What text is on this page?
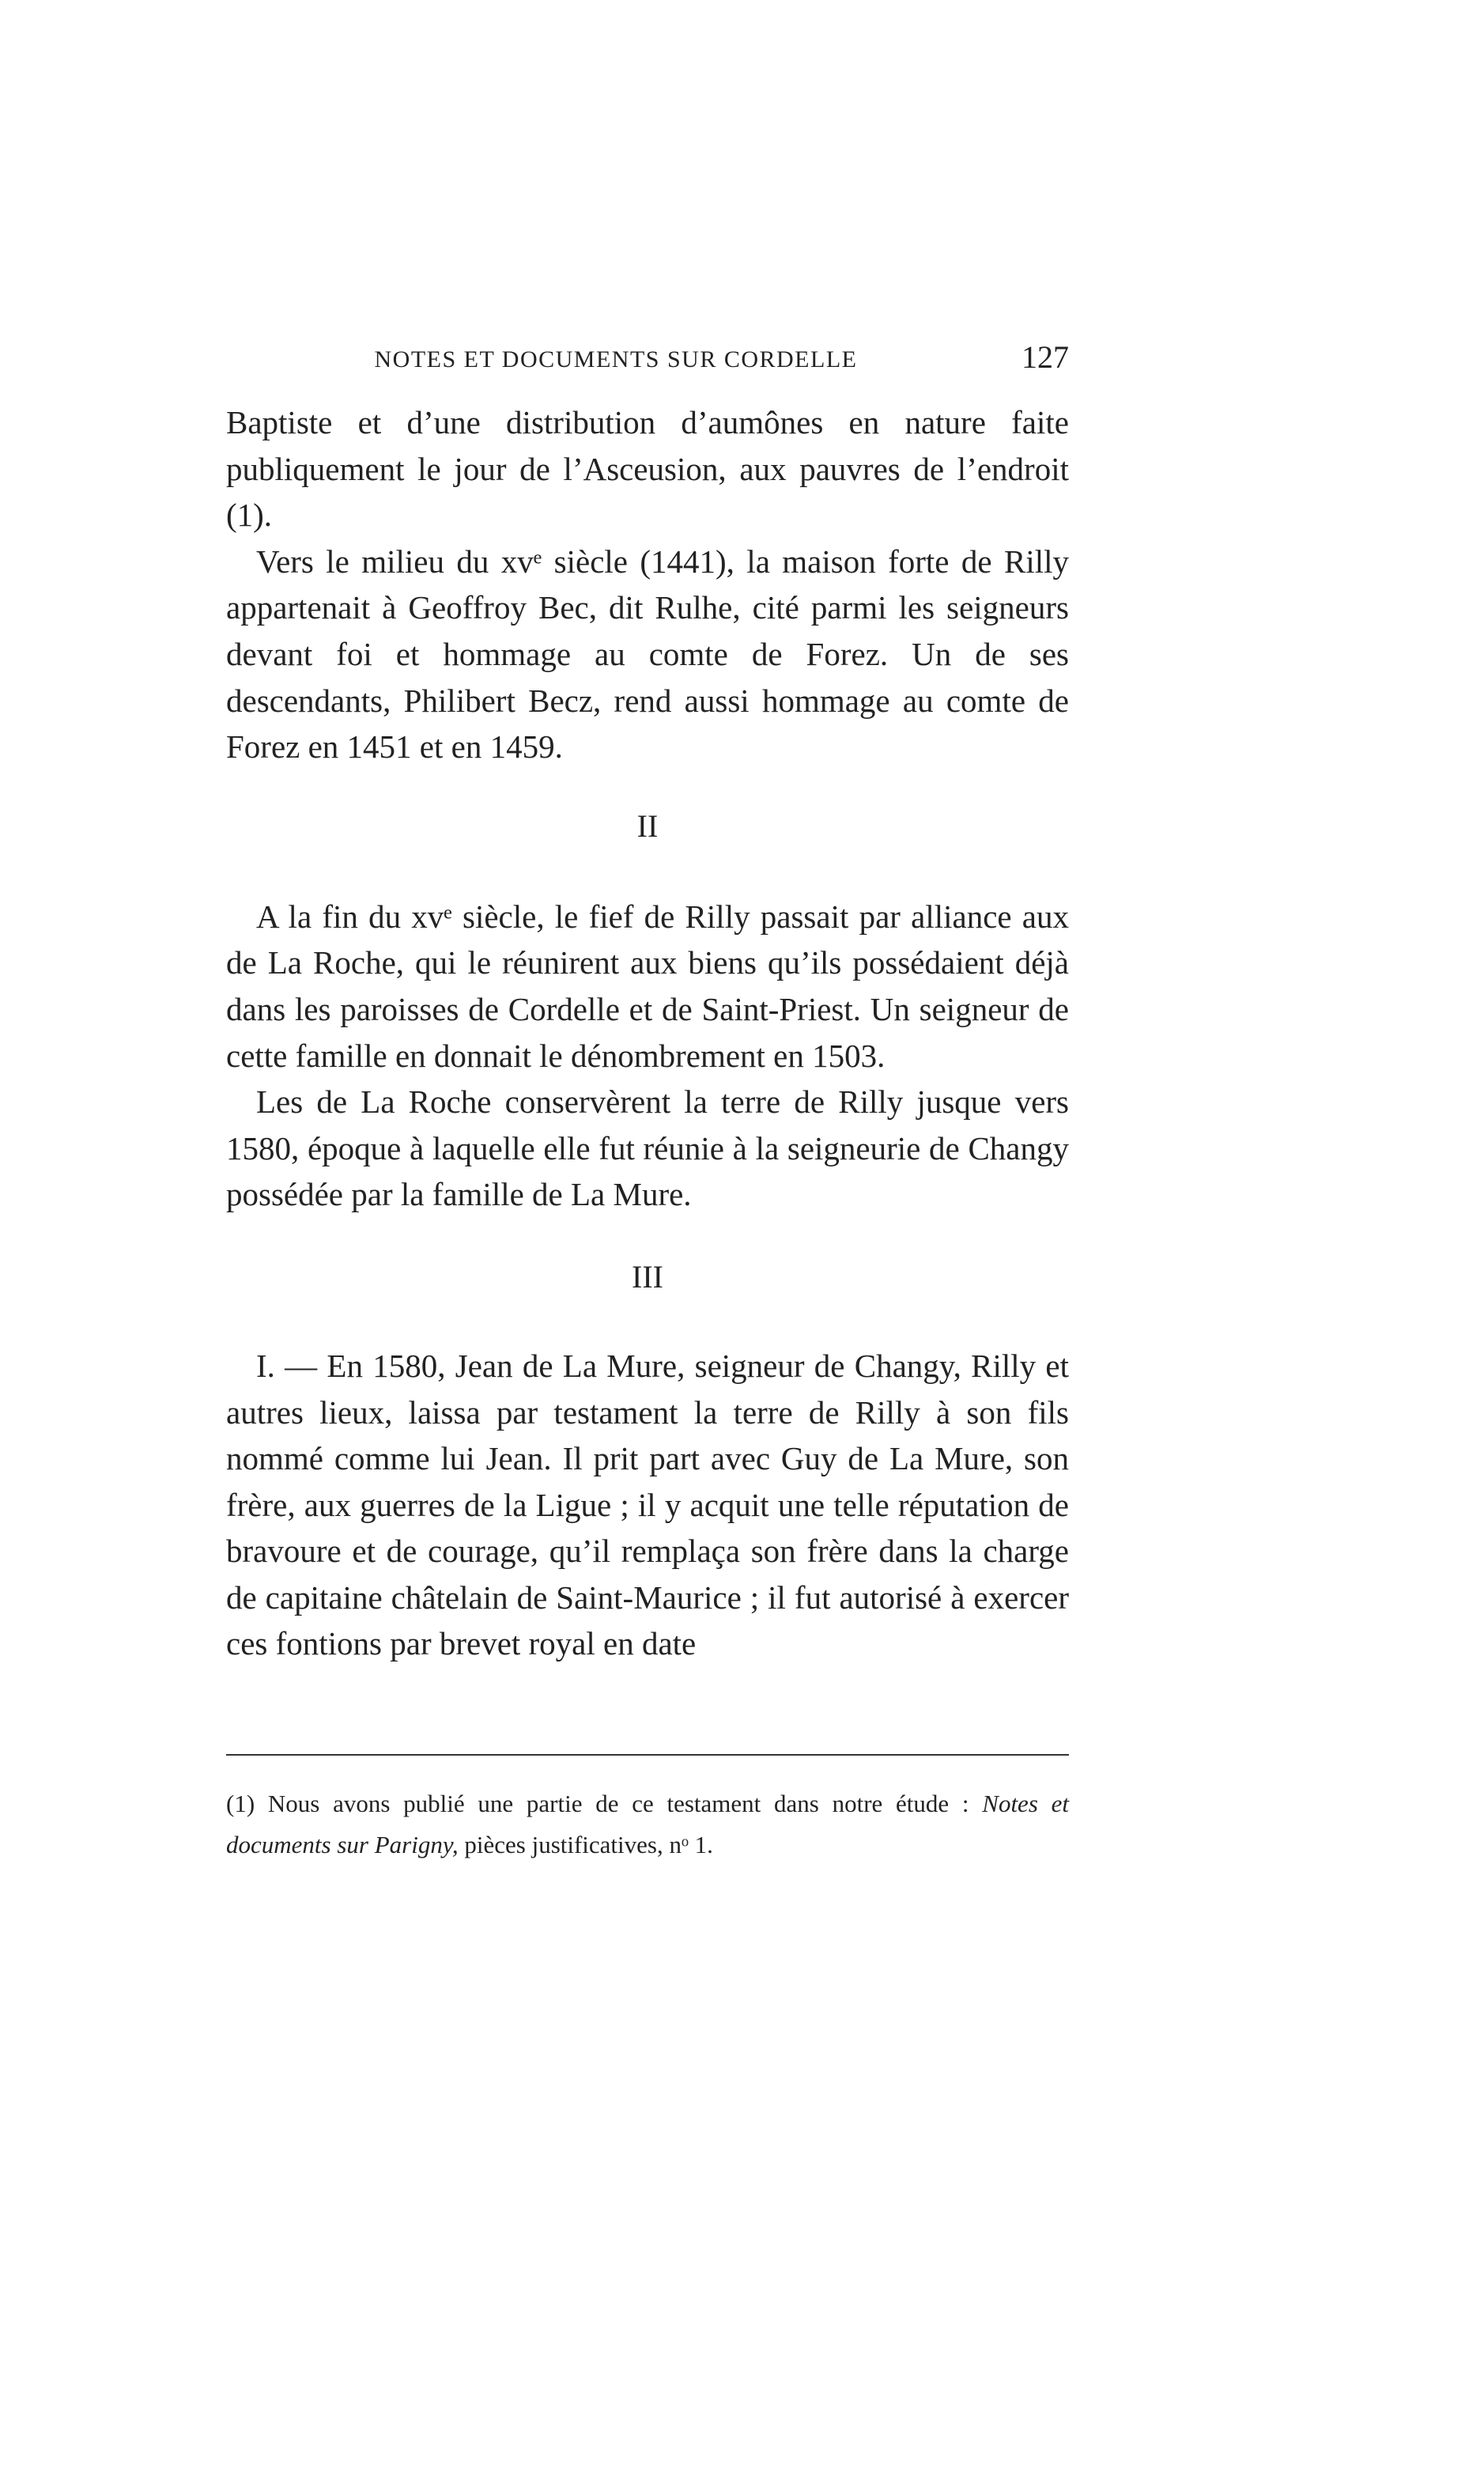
NOTES ET DOCUMENTS SUR CORDELLE	127

Baptiste et d’une distribution d’aumônes en nature faite publiquement le jour de l’Asceusion, aux pauvres de l’endroit (1).

Vers le milieu du xvᵉ siècle (1441), la maison forte de Rilly appartenait à Geoffroy Bec, dit Rulhe, cité parmi les seigneurs devant foi et hommage au comte de Forez. Un de ses descendants, Philibert Becz, rend aussi hommage au comte de Forez en 1451 et en 1459.

II

A la fin du xvᵉ siècle, le fief de Rilly passait par alliance aux de La Roche, qui le réunirent aux biens qu’ils possédaient déjà dans les paroisses de Cordelle et de Saint-Priest. Un seigneur de cette famille en donnait le dénombrement en 1503.

Les de La Roche conservèrent la terre de Rilly jusque vers 1580, époque à laquelle elle fut réunie à la seigneurie de Changy possédée par la famille de La Mure.

III

I. — En 1580, Jean de La Mure, seigneur de Changy, Rilly et autres lieux, laissa par testament la terre de Rilly à son fils nommé comme lui Jean. Il prit part avec Guy de La Mure, son frère, aux guerres de la Ligue ; il y acquit une telle réputation de bravoure et de courage, qu’il remplaça son frère dans la charge de capitaine châtelain de Saint-Maurice ; il fut autorisé à exercer ces fontions par brevet royal en date

(1) Nous avons publié une partie de ce testament dans notre étude : Notes et documents sur Parigny, pièces justificatives, nᵒ 1.
